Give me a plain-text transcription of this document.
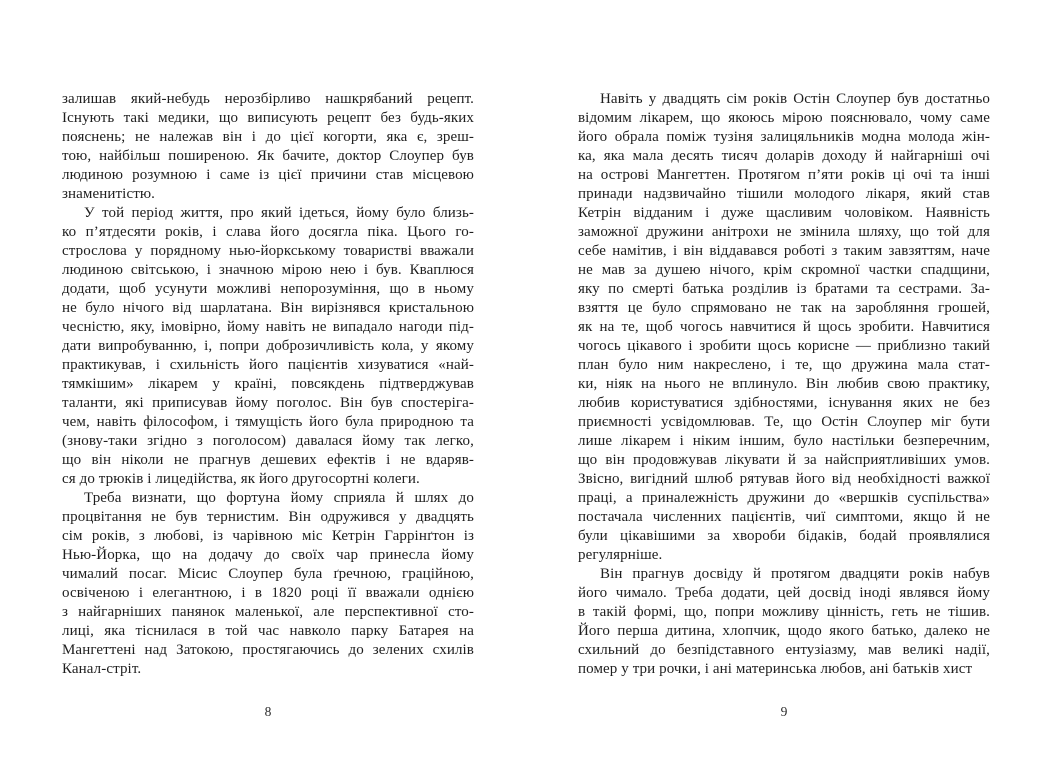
залишав який-небудь нерозбірливо нашкрябаний рецепт.
Існують такі медики, що виписують рецепт без будь-яких
пояснень; не належав він і до цієї когорти, яка є, зреш-
тою, найбільш поширеною. Як бачите, доктор Слоупер був
людиною розумною і саме із цієї причини став місцевою
знаменитістю.
У той період життя, про який ідеться, йому було близь-
ко п’ятдесяти років, і слава його досягла піка. Цього го-
строслова у порядному нью-йоркському товаристві вважали
людиною світською, і значною мірою нею і був. Кваплюся
додати, щоб усунути можливі непорозуміння, що в ньому
не було нічого від шарлатана. Він вирізнявся кристальною
чесністю, яку, імовірно, йому навіть не випадало нагоди під-
дати випробуванню, і, попри доброзичливість кола, у якому
практикував, і схильність його пацієнтів хизуватися «най-
тямкішим» лікарем у країні, повсякдень підтверджував
таланти, які приписував йому поголос. Він був спостеріга-
чем, навіть філософом, і тямущість його була природною та
(знову-таки згідно з поголосом) давалася йому так легко,
що він ніколи не прагнув дешевих ефектів і не вдаряв-
ся до трюків і лицедійства, як його другосортні колеги.
Треба визнати, що фортуна йому сприяла й шлях до
процвітання не був тернистим. Він одружився у двадцять
сім років, з любові, із чарівною міс Кетрін Гаррінґтон із
Нью-Йорка, що на додачу до своїх чар принесла йому
чималий посаг. Місис Слоупер була ґречною, граційною,
освіченою і елегантною, і в 1820 році її вважали однією
з найгарніших панянок маленької, але перспективної сто-
лиці, яка тіснилася в той час навколо парку Батарея на
Мангеттені над Затокою, простягаючись до зелених схилів
Канал-стріт.
Навіть у двадцять сім років Остін Слоупер був достатньо
відомим лікарем, що якоюсь мірою пояснювало, чому саме
його обрала поміж тузіня залицяльників модна молода жін-
ка, яка мала десять тисяч доларів доходу й найгарніші очі
на острові Мангеттен. Протягом п’яти років ці очі та інші
принади надзвичайно тішили молодого лікаря, який став
Кетрін відданим і дуже щасливим чоловіком. Наявність
заможної дружини анітрохи не змінила шляху, що той для
себе намітив, і він віддавався роботі з таким завзяттям, наче
не мав за душею нічого, крім скромної частки спадщини,
яку по смерті батька розділив із братами та сестрами. За-
взяття це було спрямовано не так на заробляння грошей,
як на те, щоб чогось навчитися й щось зробити. Навчитися
чогось цікавого і зробити щось корисне — приблизно такий
план було ним накреслено, і те, що дружина мала стат-
ки, ніяк на нього не вплинуло. Він любив свою практику,
любив користуватися здібностями, існування яких не без
приємності усвідомлював. Те, що Остін Слоупер міг бути
лише лікарем і ніким іншим, було настільки безперечним,
що він продовжував лікувати й за найсприятливіших умов.
Звісно, вигідний шлюб рятував його від необхідності важкої
праці, а приналежність дружини до «вершків суспільства»
постачала численних пацієнтів, чиї симптоми, якщо й не
були цікавішими за хвороби бідаків, бодай проявлялися
регулярніше.
Він прагнув досвіду й протягом двадцяти років набув
його чимало. Треба додати, цей досвід іноді являвся йому
в такій формі, що, попри можливу цінність, геть не тішив.
Його перша дитина, хлопчик, щодо якого батько, далеко не
схильний до безпідставного ентузіазму, мав великі надії,
помер у три рочки, і ані материнська любов, ані батьків хист
8	9
